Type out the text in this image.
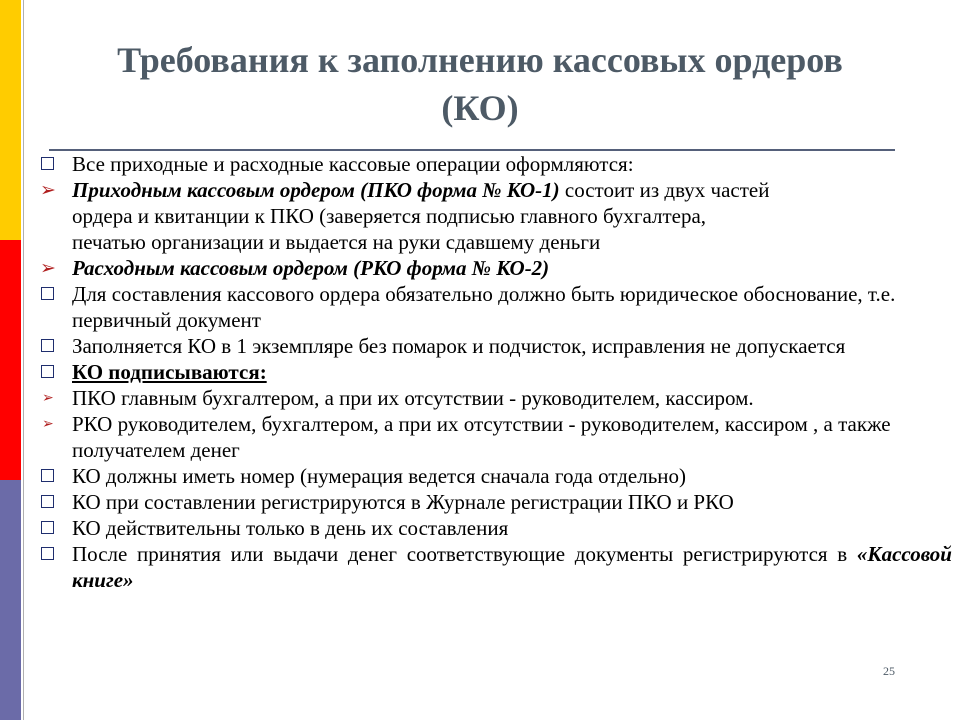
Требования к заполнению кассовых ордеров
(КО)
Все приходные и расходные кассовые операции оформляются:
➢ Приходным кассовым ордером (ПКО форма № КО-1) состоит из двух частей
ордера и квитанции к ПКО (заверяется подписью главного бухгалтера,
печатью организации и выдается на руки сдавшему деньги
➢ Расходным кассовым ордером (РКО форма № КО-2)
Для составления кассового ордера обязательно должно быть юридическое обоснование, т.е. первичный документ
Заполняется КО в 1 экземпляре без помарок и подчисток, исправления не допускается
КО подписываются:
➢ ПКО главным бухгалтером, а при их отсутствии - руководителем, кассиром.
➢ РКО руководителем, бухгалтером, а при их отсутствии - руководителем, кассиром , а также получателем денег
КО должны иметь номер (нумерация ведется сначала года отдельно)
КО при составлении регистрируются в Журнале регистрации ПКО и РКО
КО действительны только в день их составления
После принятия или выдачи денег соответствующие документы регистрируются в «Кассовой книге»
25
